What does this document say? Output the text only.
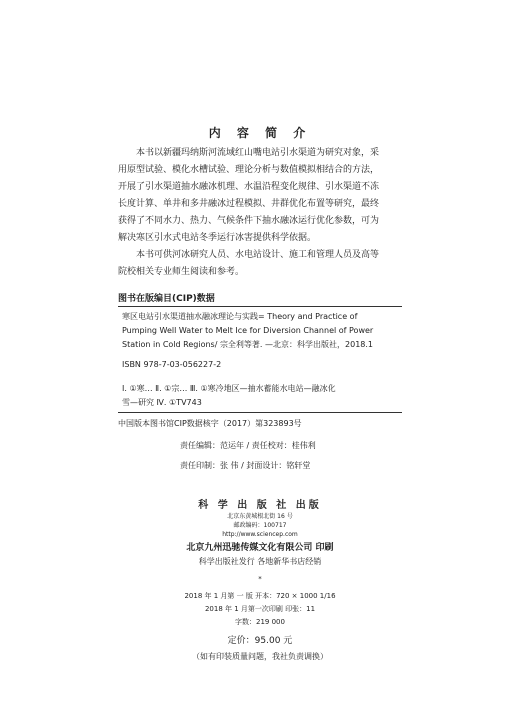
内 容 简 介
本书以新疆玛纳斯河流域红山嘴电站引水渠道为研究对象，采
用原型试验、模化水槽试验、理论分析与数值模拟相结合的方法，
开展了引水渠道抽水融冰机理、水温沿程变化规律、引水渠道不冻
长度计算、单井和多井融冰过程模拟、井群优化布置等研究，最终
获得了不同水力、热力、气候条件下抽水融冰运行优化参数，可为
解决寒区引水式电站冬季运行冰害提供科学依据。
本书可供河冰研究人员、水电站设计、施工和管理人员及高等
院校相关专业师生阅读和参考。
图书在版编目(CIP)数据
寒区电站引水渠道抽水融冰理论与实践= Theory and Practice of
Pumping Well Water to Melt Ice for Diversion Channel of Power
Station in Cold Regions/ 宗全利等著. —北京：科学出版社，2018.1
ISBN 978-7-03-056227-2
Ⅰ. ①寒… Ⅱ. ①宗… Ⅲ. ①寒冷地区—抽水蓄能水电站—融冰化
雪—研究 Ⅳ. ①TV743
中国版本图书馆CIP数据核字（2017）第323893号
责任编辑：范运年 / 责任校对：桂伟利
责任印制：张 伟 / 封面设计：铭轩堂
科 学 出 版 社 出版
北京东黄城根北街 16 号
邮政编码：100717
http://www.sciencep.com
北京九州迅驰传媒文化有限公司 印刷
科学出版社发行 各地新华书店经销
*
2018 年 1 月第 一 版 开本：720 × 1000 1/16
2018 年 1 月第一次印刷 印张：11
字数：219 000
定价：95.00 元
（如有印装质量问题，我社负责调换）
